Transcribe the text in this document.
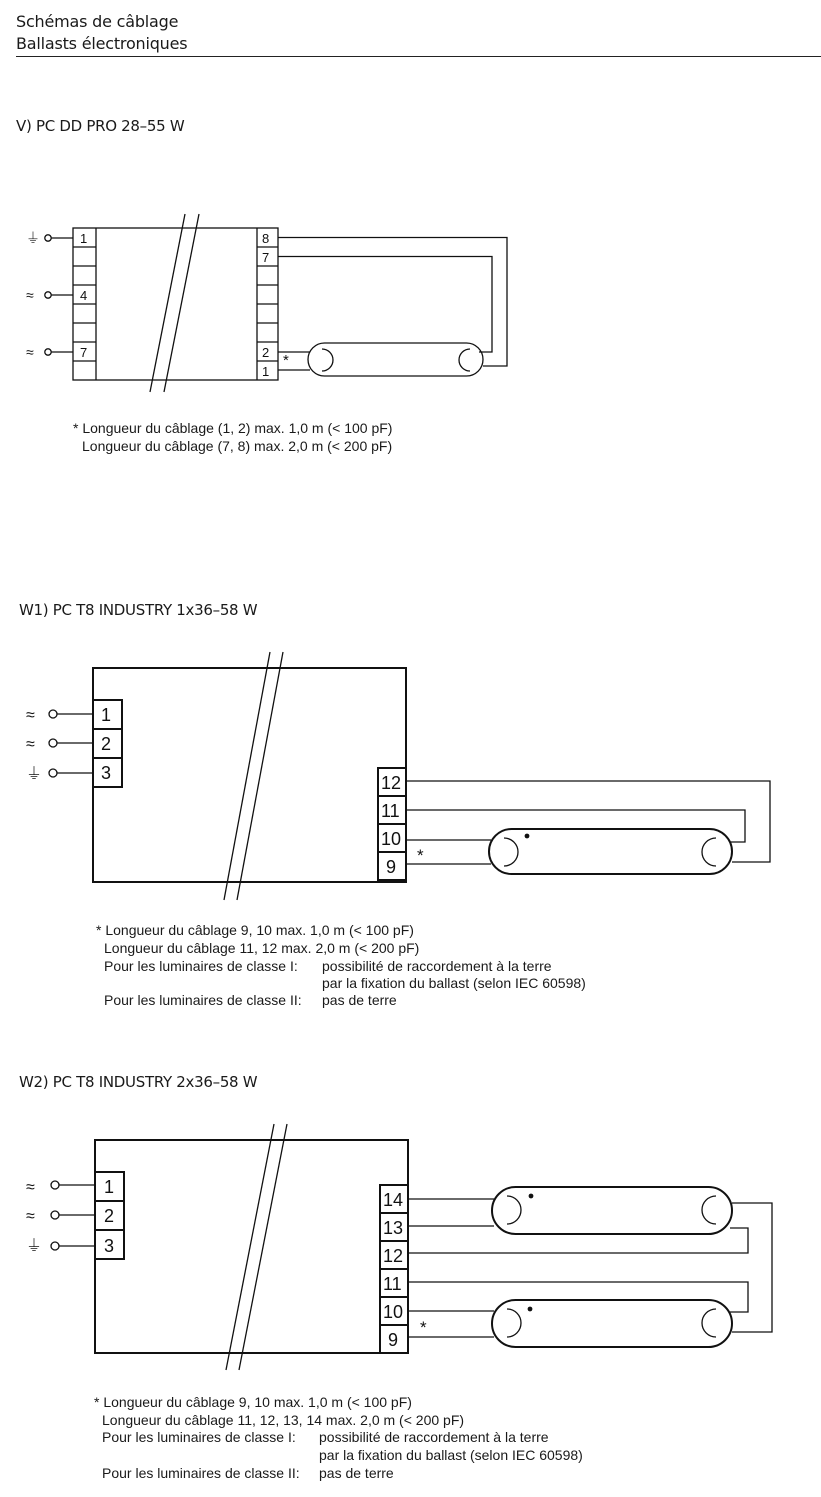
Schémas de câblage
Ballasts électroniques
V) PC DD PRO 28–55 W
W1) PC T8 INDUSTRY 1x36–58 W
W2) PC T8 INDUSTRY 2x36–58 W
1
4
7
⏚
≈
≈
8
7
2
1
*
1
2
3
≈
≈
⏚	12
11
10
9
*
1
2
3
≈
≈
⏚
14
13
12
11
10
9
*
* Longueur du câblage (1, 2) max. 1,0 m (< 100 pF)
Longueur du câblage (7, 8) max. 2,0 m (< 200 pF)
* Longueur du câblage 9, 10 max. 1,0 m (< 100 pF)
Longueur du câblage 11, 12 max. 2,0 m (< 200 pF)
Pour les luminaires de classe I: possibilité de raccordement à la terre
par la fixation du ballast (selon IEC 60598)
Pour les luminaires de classe II: pas de terre
* Longueur du câblage 9, 10 max. 1,0 m (< 100 pF)
Longueur du câblage 11, 12, 13, 14 max. 2,0 m (< 200 pF)
Pour les luminaires de classe I: possibilité de raccordement à la terre
par la fixation du ballast (selon IEC 60598)
Pour les luminaires de classe II: pas de terre
